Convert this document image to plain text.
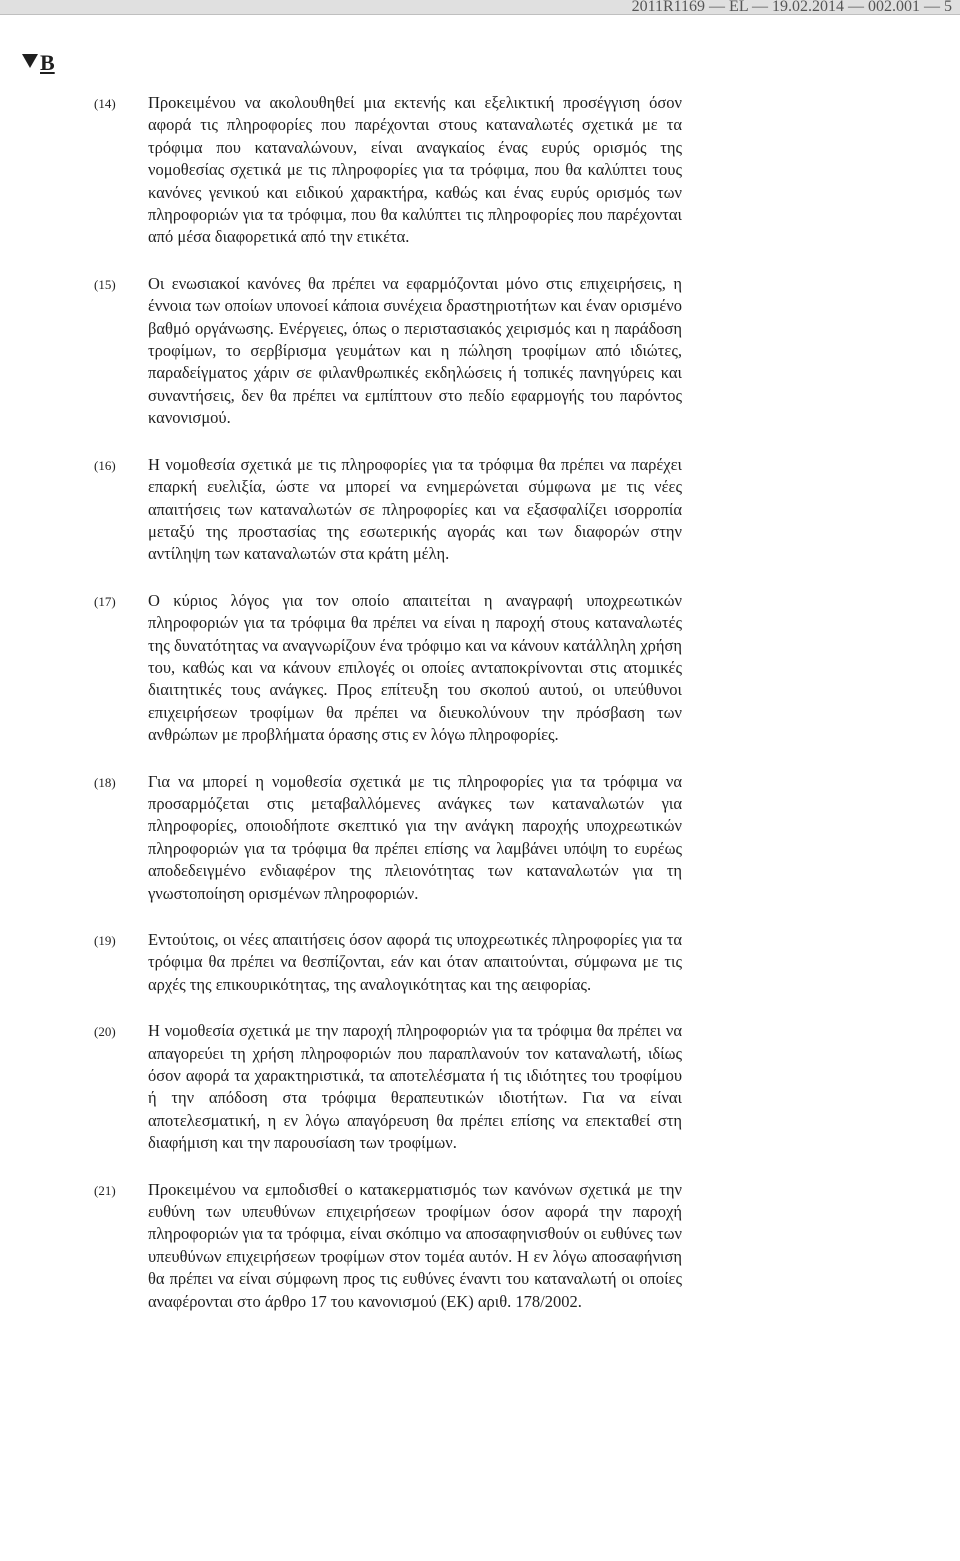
2011R1169 — EL — 19.02.2014 — 002.001 — 5
B
(14)	Προκειμένου να ακολουθηθεί μια εκτενής και εξελικτική προσέγγιση όσον αφορά τις πληροφορίες που παρέχονται στους καταναλωτές σχετικά με τα τρόφιμα που καταναλώνουν, είναι αναγκαίος ένας ευρύς ορισμός της νομοθεσίας σχετικά με τις πληροφορίες για τα τρόφιμα, που θα καλύπτει τους κανόνες γενικού και ειδικού χαρακτήρα, καθώς και ένας ευρύς ορισμός των πληροφοριών για τα τρόφιμα, που θα καλύπτει τις πληροφορίες που παρέχονται από μέσα διαφορετικά από την ετικέτα.
(15)	Οι ενωσιακοί κανόνες θα πρέπει να εφαρμόζονται μόνο στις επιχειρήσεις, η έννοια των οποίων υπονοεί κάποια συνέχεια δραστηριοτήτων και έναν ορισμένο βαθμό οργάνωσης. Ενέργειες, όπως ο περιστασιακός χειρισμός και η παράδοση τροφίμων, το σερβίρισμα γευμάτων και η πώληση τροφίμων από ιδιώτες, παραδείγματος χάριν σε φιλανθρωπικές εκδηλώσεις ή τοπικές πανηγύρεις και συναντήσεις, δεν θα πρέπει να εμπίπτουν στο πεδίο εφαρμογής του παρόντος κανονισμού.
(16)	Η νομοθεσία σχετικά με τις πληροφορίες για τα τρόφιμα θα πρέπει να παρέχει επαρκή ευελιξία, ώστε να μπορεί να ενημερώνεται σύμφωνα με τις νέες απαιτήσεις των καταναλωτών σε πληροφορίες και να εξασφαλίζει ισορροπία μεταξύ της προστασίας της εσωτερικής αγοράς και των διαφορών στην αντίληψη των καταναλωτών στα κράτη μέλη.
(17)	Ο κύριος λόγος για τον οποίο απαιτείται η αναγραφή υποχρεωτικών πληροφοριών για τα τρόφιμα θα πρέπει να είναι η παροχή στους καταναλωτές της δυνατότητας να αναγνωρίζουν ένα τρόφιμο και να κάνουν κατάλληλη χρήση του, καθώς και να κάνουν επιλογές οι οποίες ανταποκρίνονται στις ατομικές διαιτητικές τους ανάγκες. Προς επίτευξη του σκοπού αυτού, οι υπεύθυνοι επιχειρήσεων τροφίμων θα πρέπει να διευκολύνουν την πρόσβαση των ανθρώπων με προβλήματα όρασης στις εν λόγω πληροφορίες.
(18)	Για να μπορεί η νομοθεσία σχετικά με τις πληροφορίες για τα τρόφιμα να προσαρμόζεται στις μεταβαλλόμενες ανάγκες των καταναλωτών για πληροφορίες, οποιοδήποτε σκεπτικό για την ανάγκη παροχής υποχρεωτικών πληροφοριών για τα τρόφιμα θα πρέπει επίσης να λαμβάνει υπόψη το ευρέως αποδεδειγμένο ενδιαφέρον της πλειονότητας των καταναλωτών για τη γνωστοποίηση ορισμένων πληροφοριών.
(19)	Εντούτοις, οι νέες απαιτήσεις όσον αφορά τις υποχρεωτικές πληροφορίες για τα τρόφιμα θα πρέπει να θεσπίζονται, εάν και όταν απαιτούνται, σύμφωνα με τις αρχές της επικουρικότητας, της αναλογικότητας και της αειφορίας.
(20)	Η νομοθεσία σχετικά με την παροχή πληροφοριών για τα τρόφιμα θα πρέπει να απαγορεύει τη χρήση πληροφοριών που παραπλανούν τον καταναλωτή, ιδίως όσον αφορά τα χαρακτηριστικά, τα αποτελέσματα ή τις ιδιότητες του τροφίμου ή την απόδοση στα τρόφιμα θεραπευτικών ιδιοτήτων. Για να είναι αποτελεσματική, η εν λόγω απαγόρευση θα πρέπει επίσης να επεκταθεί στη διαφήμιση και την παρουσίαση των τροφίμων.
(21)	Προκειμένου να εμποδισθεί ο κατακερματισμός των κανόνων σχετικά με την ευθύνη των υπευθύνων επιχειρήσεων τροφίμων όσον αφορά την παροχή πληροφοριών για τα τρόφιμα, είναι σκόπιμο να αποσαφηνισθούν οι ευθύνες των υπευθύνων επιχειρήσεων τροφίμων στον τομέα αυτόν. Η εν λόγω αποσαφήνιση θα πρέπει να είναι σύμφωνη προς τις ευθύνες έναντι του καταναλωτή οι οποίες αναφέρονται στο άρθρο 17 του κανονισμού (ΕΚ) αριθ. 178/2002.
